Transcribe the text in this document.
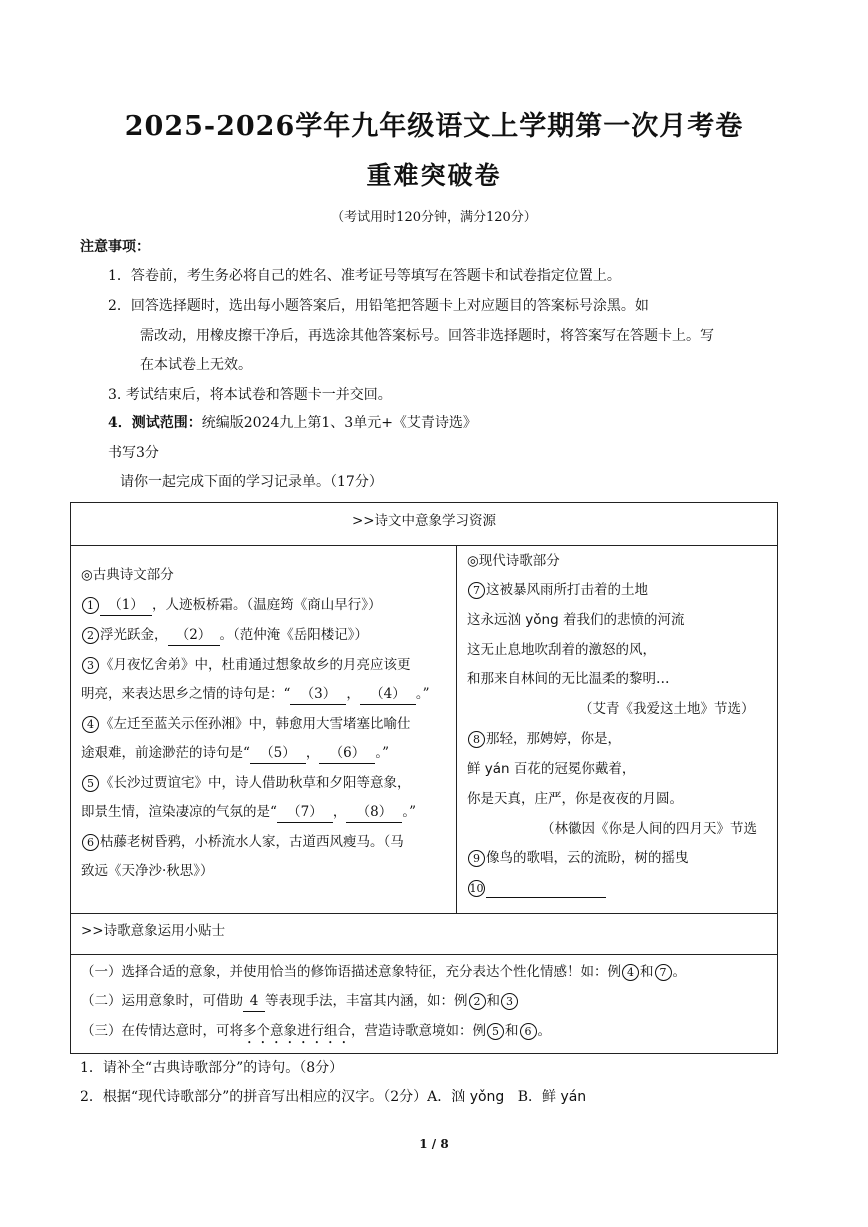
2025-2026学年九年级语文上学期第一次月考卷
重难突破卷
（考试用时120分钟，满分120分）
注意事项：
1．答卷前，考生务必将自己的姓名、准考证号等填写在答题卡和试卷指定位置上。
2．回答选择题时，选出每小题答案后，用铅笔把答题卡上对应题目的答案标号涂黑。如
需改动，用橡皮擦干净后，再选涂其他答案标号。回答非选择题时，将答案写在答题卡上。写
在本试卷上无效。
3. 考试结束后，将本试卷和答题卡一并交回。
4．测试范围：统编版2024九上第1、3单元+《艾青诗选》
书写3分
请你一起完成下面的学习记录单。（17分）
>>诗文中意象学习资源
◎古典诗文部分
1 （1） ，人迹板桥霜。（温庭筠《商山早行》）
2 浮光跃金， （2） 。（范仲淹《岳阳楼记》）
3 《月夜忆舍弟》中，杜甫通过想象故乡的月亮应该更
明亮，来表达思乡之情的诗句是：“ （3） ， （4） 。”
4 《左迁至蓝关示侄孙湘》中，韩愈用大雪堵塞比喻仕
途艰难，前途渺茫的诗句是“ （5） ， （6） 。”
5 《长沙过贾谊宅》中，诗人借助秋草和夕阳等意象，
即景生情，渲染凄凉的气氛的是“ （7） ， （8） 。”
6 枯藤老树昏鸦，小桥流水人家，古道西风瘦马。（马
致远《天净沙·秋思》）
◎现代诗歌部分
7 这被暴风雨所打击着的土地
这永远汹 yǒng 着我们的悲愤的河流
这无止息地吹刮着的激怒的风，
和那来自林间的无比温柔的黎明…
（艾青《我爱这土地》节选）
8 那轻，那娉婷，你是，
鲜 yán 百花的冠冕你戴着，
你是天真，庄严，你是夜夜的月圆。
（林徽因《你是人间的四月天》节选
9 像鸟的歌唱，云的流盼，树的摇曳
10
>>诗歌意象运用小贴士
（一）选择合适的意象，并使用恰当的修饰语描述意象特征，充分表达个性化情感！如：例 4 和 7 。
（二）运用意象时，可借助 4 等表现手法，丰富其内涵，如：例 2 和 3
（三）在传情达意时，可将多个意象进行组合，营造诗歌意境如：例 5 和 6 。
1．请补全“古典诗歌部分”的诗句。（8分）
2．根据“现代诗歌部分”的拼音写出相应的汉字。（2分）A．汹 yǒng B．鲜 yán
1 / 8
